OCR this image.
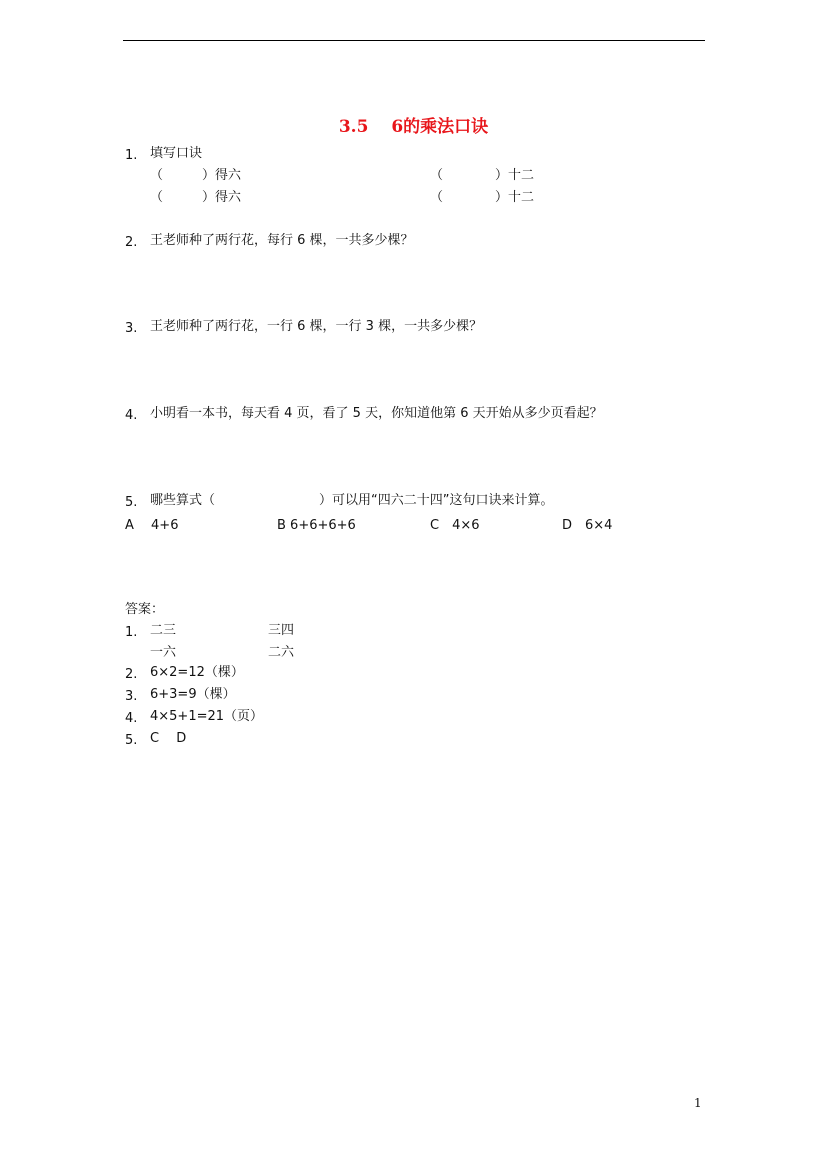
3.5　 6的乘法口诀
1. 填写口诀
（　　　）得六	（　　　　）十二
（　　　）得六	（　　　　）十二
2. 王老师种了两行花，每行 6 棵，一共多少棵？
3. 王老师种了两行花，一行 6 棵，一行 3 棵，一共多少棵？
4. 小明看一本书，每天看 4 页，看了 5 天，你知道他第 6 天开始从多少页看起？
5. 哪些算式（　　　　　　　　）可以用“四六二十四”这句口诀来计算。
A　 4+6	B 6+6+6+6	C　4×6	D　6×4
答案：
1. 二三	三四
一六	二六
2. 6×2=12（棵）
3. 6+3=9（棵）
4. 4×5+1=21（页）
5. C　 D
1
